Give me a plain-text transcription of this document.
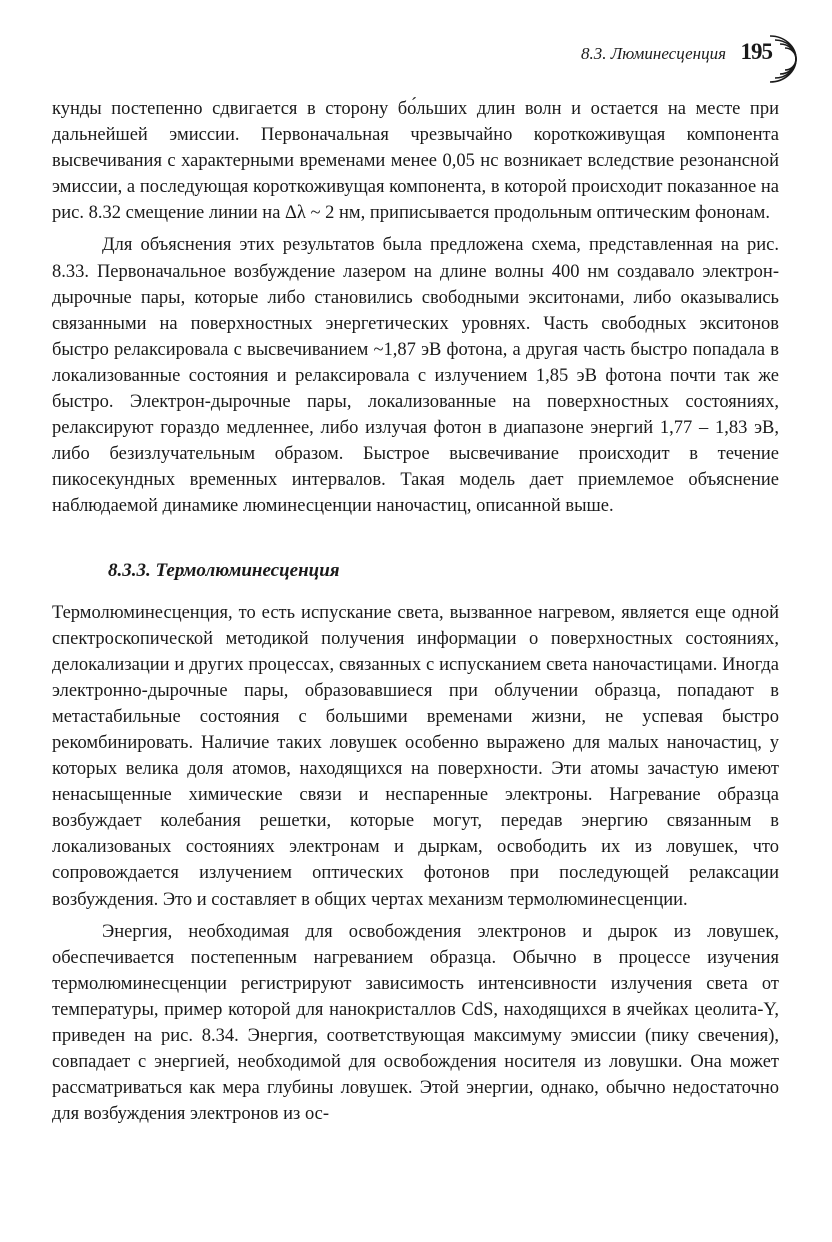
8.3. Люминесценция 195

кунды постепенно сдвигается в сторону бо́льших длин волн и остается на месте при дальнейшей эмиссии. Первоначальная чрезвычайно короткоживущая компонента высвечивания с характерными временами менее 0,05 нс возникает вследствие резонансной эмиссии, а последующая короткоживущая компонента, в которой происходит показанное на рис. 8.32 смещение линии на Δλ ~ 2 нм, приписывается продольным оптическим фононам.

Для объяснения этих результатов была предложена схема, представленная на рис. 8.33. Первоначальное возбуждение лазером на длине волны 400 нм создавало электрон-дырочные пары, которые либо становились свободными экситонами, либо оказывались связанными на поверхностных энергетических уровнях. Часть свободных экситонов быстро релаксировала с высвечиванием ~1,87 эВ фотона, а другая часть быстро попадала в локализованные состояния и релаксировала с излучением 1,85 эВ фотона почти так же быстро. Электрон-дырочные пары, локализованные на поверхностных состояниях, релаксируют гораздо медленнее, либо излучая фотон в диапазоне энергий 1,77 – 1,83 эВ, либо безизлучательным образом. Быстрое высвечивание происходит в течение пикосекундных временных интервалов. Такая модель дает приемлемое объяснение наблюдаемой динамике люминесценции наночастиц, описанной выше.

8.3.3. Термолюминесценция

Термолюминесценция, то есть испускание света, вызванное нагревом, является еще одной спектроскопической методикой получения информации о поверхностных состояниях, делокализации и других процессах, связанных с испусканием света наночастицами. Иногда электронно-дырочные пары, образовавшиеся при облучении образца, попадают в метастабильные состояния с большими временами жизни, не успевая быстро рекомбинировать. Наличие таких ловушек особенно выражено для малых наночастиц, у которых велика доля атомов, находящихся на поверхности. Эти атомы зачастую имеют ненасыщенные химические связи и неспаренные электроны. Нагревание образца возбуждает колебания решетки, которые могут, передав энергию связанным в локализованых состояниях электронам и дыркам, освободить их из ловушек, что сопровождается излучением оптических фотонов при последующей релаксации возбуждения. Это и составляет в общих чертах механизм термолюминесценции.

Энергия, необходимая для освобождения электронов и дырок из ловушек, обеспечивается постепенным нагреванием образца. Обычно в процессе изучения термолюминесценции регистрируют зависимость интенсивности излучения света от температуры, пример которой для нанокристаллов CdS, находящихся в ячейках цеолита-Y, приведен на рис. 8.34. Энергия, соответствующая максимуму эмиссии (пику свечения), совпадает с энергией, необходимой для освобождения носителя из ловушки. Она может рассматриваться как мера глубины ловушек. Этой энергии, однако, обычно недостаточно для возбуждения электронов из ос-
